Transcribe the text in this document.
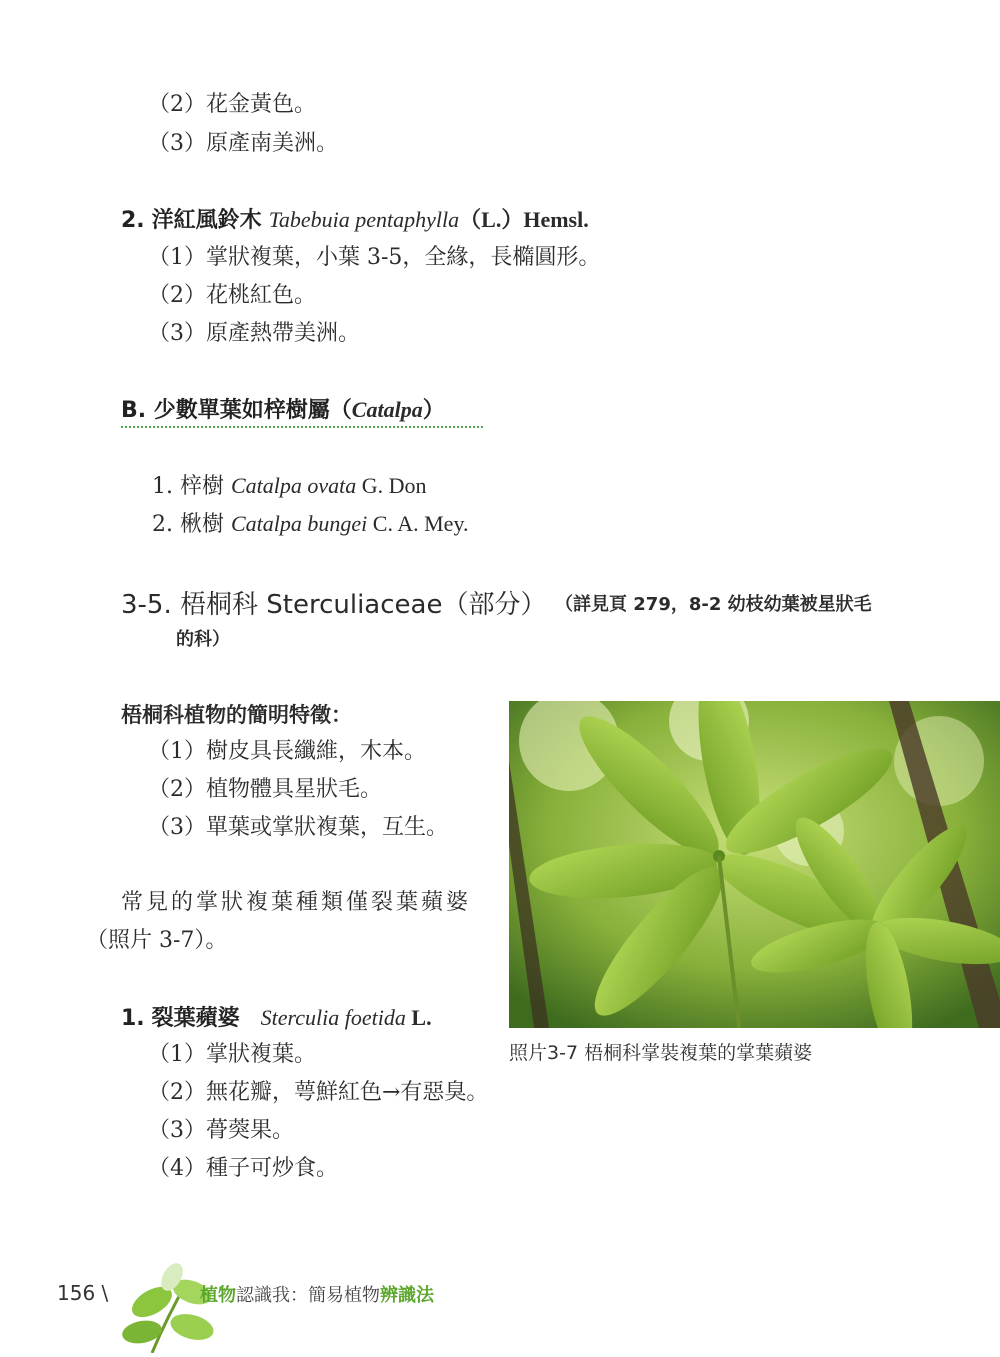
（2）花金黃色。
（3）原產南美洲。
2. 洋紅風鈴木 Tabebuia pentaphylla（L.）Hemsl.
（1）掌狀複葉，小葉 3-5，全緣，長橢圓形。
（2）花桃紅色。
（3）原產熱帶美洲。
B. 少數單葉如梓樹屬（Catalpa）
1. 梓樹 Catalpa ovata G. Don
2. 楸樹 Catalpa bungei C. A. Mey.
3-5. 梧桐科 Sterculiaceae（部分） （詳見頁 279，8-2 幼枝幼葉被星狀毛
的科）
梧桐科植物的簡明特徵：
（1）樹皮具長纖維，木本。
（2）植物體具星狀毛。
（3）單葉或掌狀複葉，互生。
常見的掌狀複葉種類僅裂葉蘋婆
（照片 3-7）。
1. 裂葉蘋婆 Sterculia foetida L.
（1）掌狀複葉。
（2）無花瓣，萼鮮紅色→有惡臭。
（3）蓇葖果。
（4）種子可炒食。
照片3-7 梧桐科掌裝複葉的掌葉蘋婆
156 \	植物認識我：簡易植物辨識法
